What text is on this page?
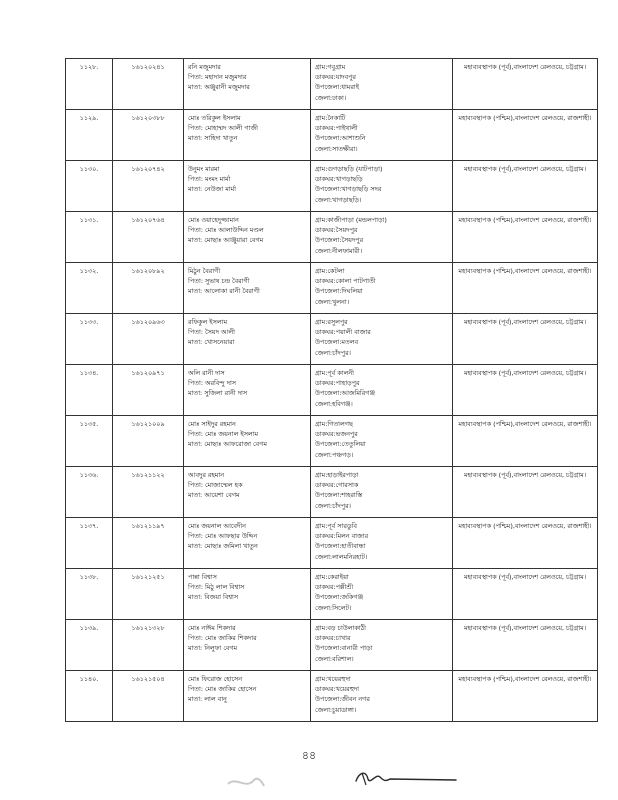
১১২৮.	১৬১২০২৪১	রনি মজুমদার
পিতা: মহাদান মজুমদার
মাতা: অঞ্জুরানী মজুমদার	গ্রাম:গবুগ্রাম
ডাকঘর:যাদবপুর
উপজেলা:ধামরাই
জেলা:ঢাকা।	মহাব্যবস্থাপক (পূর্ব),বাংলাদেশ রেলওয়ে, চট্টগ্রাম।

১১২৯.	১৬১২০৩৮৮	মোঃ তরিকুল ইসলাম
পিতা: মোহাম্মদ আলী গাজী
মাতা: সাহিদা খাতুন	গ্রাম:নৈকাটি
ডাকঘর:পাইথালী
উপজেলা:আশাশুনি
জেলা:সাতক্ষীরা।	মহাব্যবস্থাপক (পশ্চিম),বাংলাদেশ রেলওয়ে, রাজশাহী।

১১৩০.	১৬১২০৭৪২	উনুমং মারমা
পিতা: মংমং মার্মা
মাতা: নেউজা মার্মা	গ্রাম:গুগড়াছড়ি (যাটপাড়া)
ডাকঘর:খাগড়াছড়ি
উপজেলা:খাগড়াছড়ি সদর
জেলা:খাগড়াছড়ি।	মহাব্যবস্থাপক (পূর্ব),বাংলাদেশ রেলওয়ে, চট্টগ্রাম।

১১৩১.	১৬১২০৭৬৪	মোঃ ওয়াহেদুজ্জামান
পিতা: মোঃ আলাউদ্দিন মণ্ডল
মাতা: মোছাঃ আঞ্জুয়ারা বেগম	গ্রাম:কাজীপাড়া (মন্ডলপাড়া)
ডাকঘর:সৈয়দপুর
উপজেলা:সৈয়দপুর
জেলা:নীলফামারী।	মহাব্যবস্থাপক (পশ্চিম),বাংলাদেশ রেলওয়ে, রাজশাহী।

১১৩২.	১৬১২০৮৯২	মিঠুন বৈরাগী
পিতা: সুভাষ চন্দ্র বৈরাগী
মাতা: আলোকা রানী বৈরাগী	গ্রাম:কেটলা
ডাকঘর:কোলা পাটগাতী
উপজেলা:দিঘলিয়া
জেলা:খুলনা।	মহাব্যবস্থাপক (পশ্চিম),বাংলাদেশ রেলওয়ে, রাজশাহী।

১১৩৩.	১৬১২০৯৬৩	রফিকুল ইসলাম
পিতা: সৈয়দ আলী
মাতা: খোসনেয়ারা	গ্রাম:রসুলপুর
ডাকঘর:পয়ালী বাজার
উপজেলা:মতলব
জেলা:চাঁদপুর।	মহাব্যবস্থাপক (পূর্ব),বাংলাদেশ রেলওয়ে, চট্টগ্রাম।

১১৩৪.	১৬১২০৯৭১	অলি রানী দাস
পিতা: অরবিন্দু দাস
মাতা: সুজিলা রানী দাস	গ্রাম:পূর্ব কালনী
ডাকঘর:পাহাড়পুর
উপজেলা:আজমিরিগঞ্জ
জেলা:হবিগঞ্জ।	মহাব্যবস্থাপক (পূর্ব),বাংলাদেশ রেলওয়ে, চট্টগ্রাম।

১১৩৫.	১৬১২১০০৯	মোঃ সাইদুর রহমান
পিতা: মোঃ জয়নাল ইসলাম
মাতা: মোছাঃ আফরোজা বেগম	গ্রাম:গিতালগছ
ডাকঘর:ভজনপুর
উপজেলা:তেতুলিয়া
জেলা:পঞ্চগড়।	মহাব্যবস্থাপক (পশ্চিম),বাংলাদেশ রেলওয়ে, রাজশাহী।

১১৩৬.	১৬১২১১২২	আবদুর রহমান
পিতা: মোজাম্মেল হক
মাতা: আয়েশা বেগম	গ্রাম:হাড়াইরপাড়া
ডাকঘর:গোরসাক
উপজেলা:শাহরাস্তি
জেলা:চাঁদপুর।	মহাব্যবস্থাপক (পূর্ব),বাংলাদেশ রেলওয়ে, চট্টগ্রাম।

১১৩৭.	১৬১২১১৯৭	মোঃ জয়নাল আবেদীন
পিতা: মোঃ আফছার উদ্দিন
মাতা: মোছাঃ জমিলা খাতুন	গ্রাম:পূর্ব সারডুবি
ডাকঘর:মিলন বাজার
উপজেলা:হাতীবান্ধা
জেলা:লালমনিরহাট।	মহাব্যবস্থাপক (পশ্চিম),বাংলাদেশ রেলওয়ে, রাজশাহী।

১১৩৮.	১৬১২১২৫১	পান্না বিশ্বাস
পিতা: মিঠু লাল বিশ্বাস
মাতা: বিজয়া বিশ্বাস	গ্রাম:কেরাইয়া
ডাকঘর:পল্লীশ্রী
উপজেলা:জকিগঞ্জ
জেলা:সিলেট।	মহাব্যবস্থাপক (পূর্ব),বাংলাদেশ রেলওয়ে, চট্টগ্রাম।

১১৩৯.	১৬১২১৩২৮	মোঃ নাঈম শিকদার
পিতা: মোঃ জাকির শিকদার
মাতা: নিলুফা বেগম	গ্রাম:বড় চাউলাকাঠী
ডাকঘর:চাখার
উপজেলা:বানারী পাড়া
জেলা:বরিশাল।	মহাব্যবস্থাপক (পূর্ব),বাংলাদেশ রেলওয়ে, চট্টগ্রাম।

১১৪০.	১৬১২১৫০৪	মোঃ ফিরোজ হোসেন
পিতা: মোঃ জাকির হোসেন
মাতা: লাল বানু	গ্রাম:খয়েরহুদা
ডাকঘর:খয়েরহুদা
উপজেলা:জীবন নগর
জেলা:চুয়াডাঙ্গা।	মহাব্যবস্থাপক (পশ্চিম),বাংলাদেশ রেলওয়ে, রাজশাহী।
৪৪
